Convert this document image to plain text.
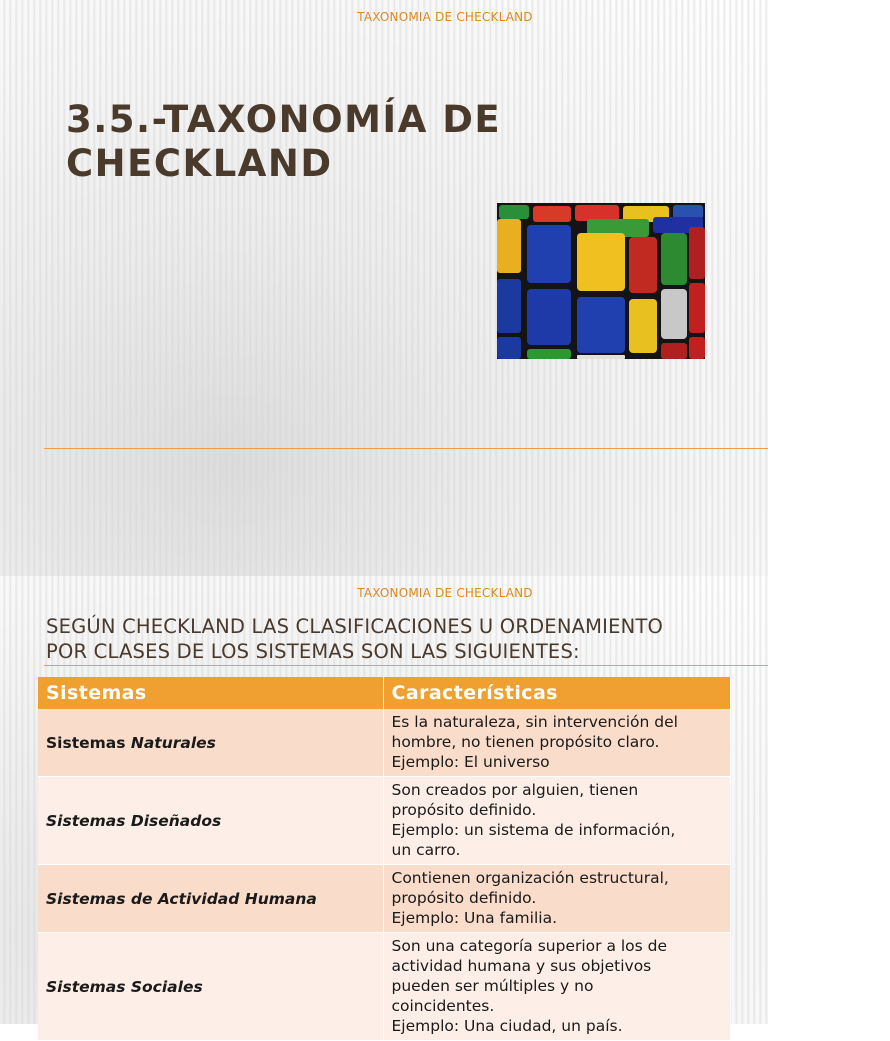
TAXONOMIA DE CHECKLAND
3.5.-TAXONOMÍA DE
CHECKLAND
TAXONOMIA DE CHECKLAND

SEGÚN CHECKLAND LAS CLASIFICACIONES U ORDENAMIENTO
POR CLASES DE LOS SISTEMAS SON LAS SIGUIENTES:

Sistemas	Características
Sistemas Naturales	Es la naturaleza, sin intervención del
hombre, no tienen propósito claro.
Ejemplo: El universo

Sistemas Diseñados	Son creados por alguien, tienen
propósito definido.
Ejemplo: un sistema de información,
un carro.

Sistemas de Actividad Humana	Contienen organización estructural,
propósito definido.
Ejemplo: Una familia.

Sistemas Sociales	Son una categoría superior a los de
actividad humana y sus objetivos
pueden ser múltiples y no
coincidentes.
Ejemplo: Una ciudad, un país.
